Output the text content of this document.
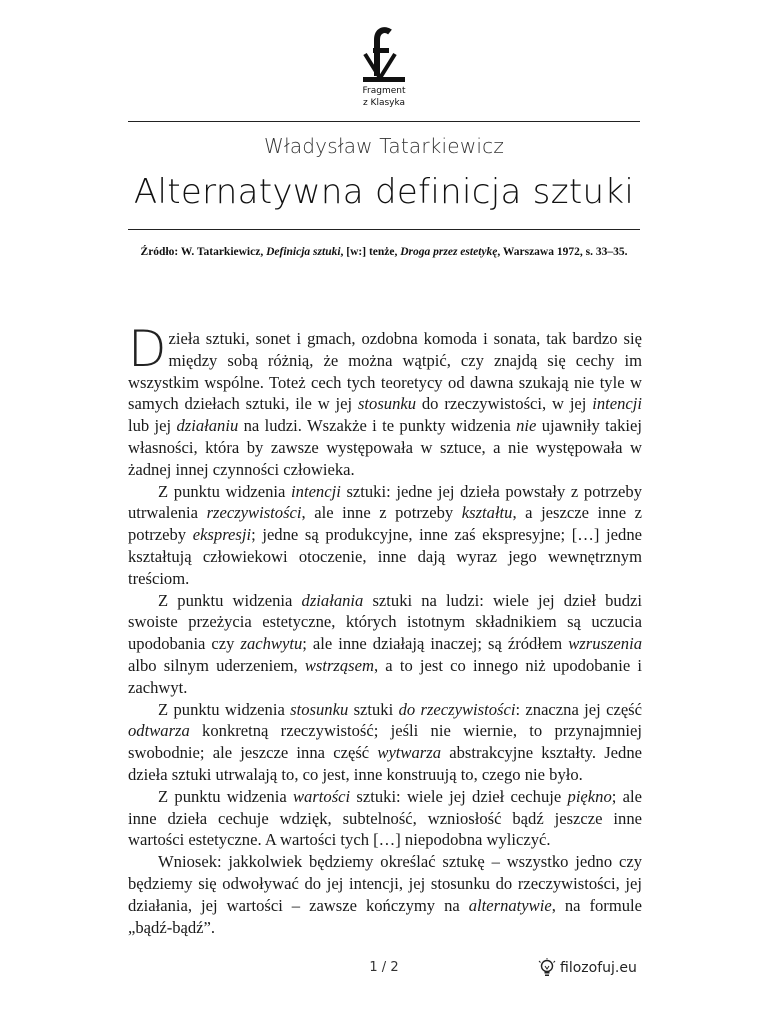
Fragment
z Klasyka
Władysław Tatarkiewicz
Alternatywna definicja sztuki
Źródło: W. Tatarkiewicz, Definicja sztuki, [w:] tenże, Droga przez estetykę, Warszawa 1972, s. 33–35.

Dzieła sztuki, sonet i gmach, ozdobna komoda i sonata, tak bardzo się między sobą różnią, że można wątpić, czy znajdą się cechy im wszystkim wspólne. Toteż cech tych teoretycy od dawna szukają nie tyle w samych dziełach sztuki, ile w jej stosunku do rzeczywistości, w jej intencji lub jej działaniu na ludzi. Wszakże i te punkty widzenia nie ujawniły takiej własności, która by zawsze występowała w sztuce, a nie występowała w żadnej innej czynności człowieka.

Z punktu widzenia intencji sztuki: jedne jej dzieła powstały z potrzeby utrwalenia rzeczywistości, ale inne z potrzeby kształtu, a jeszcze inne z potrzeby ekspresji; jedne są produkcyjne, inne zaś ekspresyjne; […] jedne kształtują człowiekowi otoczenie, inne dają wyraz jego wewnętrznym treściom.

Z punktu widzenia działania sztuki na ludzi: wiele jej dzieł budzi swoiste przeżycia estetyczne, których istotnym składnikiem są uczucia upodobania czy zachwytu; ale inne działają inaczej; są źródłem wzruszenia albo silnym uderzeniem, wstrząsem, a to jest co innego niż upodobanie i zachwyt.

Z punktu widzenia stosunku sztuki do rzeczywistości: znaczna jej część odtwarza konkretną rzeczywistość; jeśli nie wiernie, to przynajmniej swobodnie; ale jeszcze inna część wytwarza abstrakcyjne kształty. Jedne dzieła sztuki utrwalają to, co jest, inne konstruują to, czego nie było.

Z punktu widzenia wartości sztuki: wiele jej dzieł cechuje piękno; ale inne dzieła cechuje wdzięk, subtelność, wzniosłość bądź jeszcze inne wartości estetyczne. A wartości tych […] niepodobna wyliczyć.

Wniosek: jakkolwiek będziemy określać sztukę – wszystko jedno czy będziemy się odwoływać do jej intencji, jej stosunku do rzeczywistości, jej działania, jej wartości – zawsze kończymy na alternatywie, na formule „bądź-bądź”.

1 / 2	filozofuj.eu
